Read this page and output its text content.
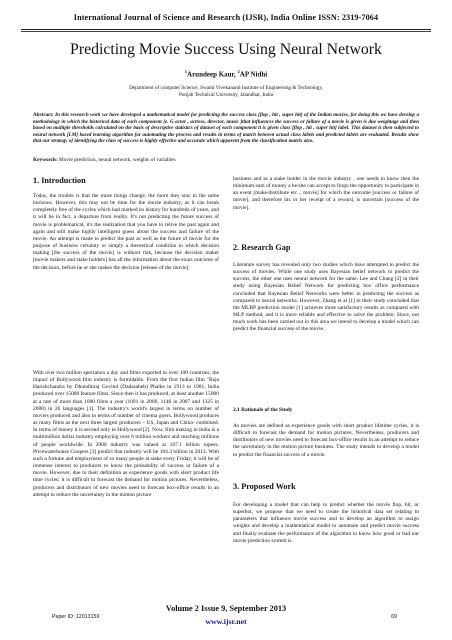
International Journal of Science and Research (IJSR), India Online ISSN: 2319-7064
Predicting Movie Success Using Neural Network
$^1$Arundeep Kaur, $^2$AP Nidhi
Department of computer Science, Swami Vivekanand Institute of Engineering & Technology,
Punjab Technical University, Jalandhar, India
Abstract: In this research work we have developed a mathematical model for predicting the success class [flop , hit , super hit] of the Indian movies, for doing this we have develop a methodology in which the historical data of each component [e. G actor , actress, director, music ]that influences the success or failure of a movie is given is due weightage and then based on multiple thresholds calculated on the basis of descriptive statistics of dataset of each component it is given class [flop , hit , super hit] label. This dataset is then subjected to neural network [LM] based learning algorithm for automating the process and results in terms of match between actual class labels and predicted labels are evaluated. Results show that our strategy of identifying the class of success is highly effective and accurate which apparent from the classification matrix also.
Keywords: Movie prediction, neural network, weights of variables
1. Introduction
Today, the trouble is that the more things change, the more they stay in the same horizons. However, this may not be time for the movie industry, as it can break completely free of the cycles which had marked its history for hundreds of years, and it will be in fact, a departure from reality. It's not predicting the future success of movie is problematical, it's the realization that you have to relive the past again and again and still make highly intelligent guess about the success and failure of the movie. An attempt is made to predict the past as well as the future of movie for the purpose of business certainty or simply a theoretical condition in which decision making [the success of the movie] is without risk, because the decision maker [movie makers and stake holders] has all the information about the exact outcome of the decision, before he or she makes the decision [release of the movie].
With over two million spectators a day and films exported to over 100 countries, the impact of Bollywood film industry is formidable. From the first Indian film "Raja Harishchandra by Dhundhiraj Govind (Dadasaheb) Phalke in 1913 to 1981, India produced over 15000 feature films. Since then it has produced, at least another 15000 at a rate of more than 1000 films a year (1091 in 2006, 1146 in 2007 and 1325 in 2008) in 26 languages [1]. The industry's world's largest in terms on number of movies produced and also in terms of number of cinema goers. Bollywood produces as many films as the next three largest producers – US, Japan and China- combined. In terms of money it is second only to Hollywood [2]. Now, film making in India is a multimillion dollar industry employing over 6 million workers and reaching millions of people worldwide. In 2008 industry was valued at 107.1 billion rupees. Pricewaterhouse Coopers [3] predict that industry will be 184.3 billion in 2013. With such a fortune and employment of so many people at stake every Friday, it will be of immense interest to producers to know the probability of success or failure of a movie. However, due to their definition as experience goods with short product life time cycles; it is difficult to forecast the demand for motion pictures. Nevertheless, producers and distributors of new movies need to forecast box-office results in an attempt to reduce the uncertainty in the motion picture
business and as a stake holder in the movie industry , one needs to know then the minimum sum of money a he/she can accept to forgo the opportunity to participate in an event [make/distribute etc ., movie] for which the outcome [success or failure of movie], and therefore his or her receipt of a reward, is uncertain [success of the movie].
2. Research Gap
Literature survey has revealed only two studies which have attempted to predict the success of movies. While one study uses Bayesian belief network to predict the success, the other one uses neural network for the same. Lee and Chang [2] in their study using Bayesian Belief Network for predicting box office performance concluded that Bayesian Belief Networks were better in predicting the success as compared to neural networks. However, Zhang et al [1] in their study concluded that the MLBP prediction model [1] achieves more satisfactory results as compared with MLP method, and it is more reliable and effective to solve the problem. Since, not much work has been carried out in this area we intend to develop a model which can predict the financial success of the movie.
2.1 Rationale of the Study
As movies are defined as experience goods with short product lifetime cycles, it is difficult to forecast the demand for motion pictures. Nevertheless, producers and distributors of new movies need to forecast box-office results in an attempt to reduce the uncertainty in the motion picture business. The study intends to develop a model to predict the financial success of a movie.
3. Proposed Work
For developing a model that can help to predict whether the movie flop, hit, or superhot, we propose that we need to create the historical data set relating to parameters that influence movie success and to develop an algorithm to assign weights and develop a mathematical model to automate and predict movie success and finally evaluate the performance of the algorithm to know how good or bad our movie prediction system is.
Volume 2 Issue 9, September 2013
www.ijsr.net
Paper ID: 12013159	69
